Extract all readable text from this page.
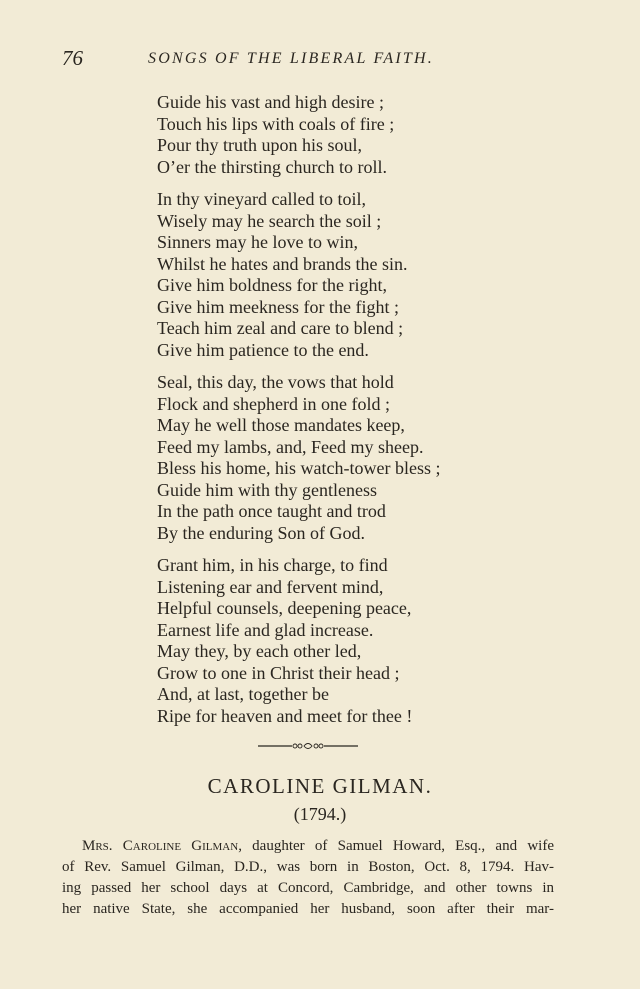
76	SONGS OF THE LIBERAL FAITH.
Guide his vast and high desire ;
Touch his lips with coals of fire ;
Pour thy truth upon his soul,
O’er the thirsting church to roll.
In thy vineyard called to toil,
Wisely may he search the soil ;
Sinners may he love to win,
Whilst he hates and brands the sin.
Give him boldness for the right,
Give him meekness for the fight ;
Teach him zeal and care to blend ;
Give him patience to the end.
Seal, this day, the vows that hold
Flock and shepherd in one fold ;
May he well those mandates keep,
Feed my lambs, and, Feed my sheep.
Bless his home, his watch-tower bless ;
Guide him with thy gentleness
In the path once taught and trod
By the enduring Son of God.
Grant him, in his charge, to find
Listening ear and fervent mind,
Helpful counsels, deepening peace,
Earnest life and glad increase.
May they, by each other led,
Grow to one in Christ their head ;
And, at last, together be
Ripe for heaven and meet for thee !
CAROLINE GILMAN.
(1794.)
Mrs. Caroline Gilman, daughter of Samuel Howard, Esq., and wife
of Rev. Samuel Gilman, D.D., was born in Boston, Oct. 8, 1794. Hav-
ing passed her school days at Concord, Cambridge, and other towns in
her native State, she accompanied her husband, soon after their mar-
